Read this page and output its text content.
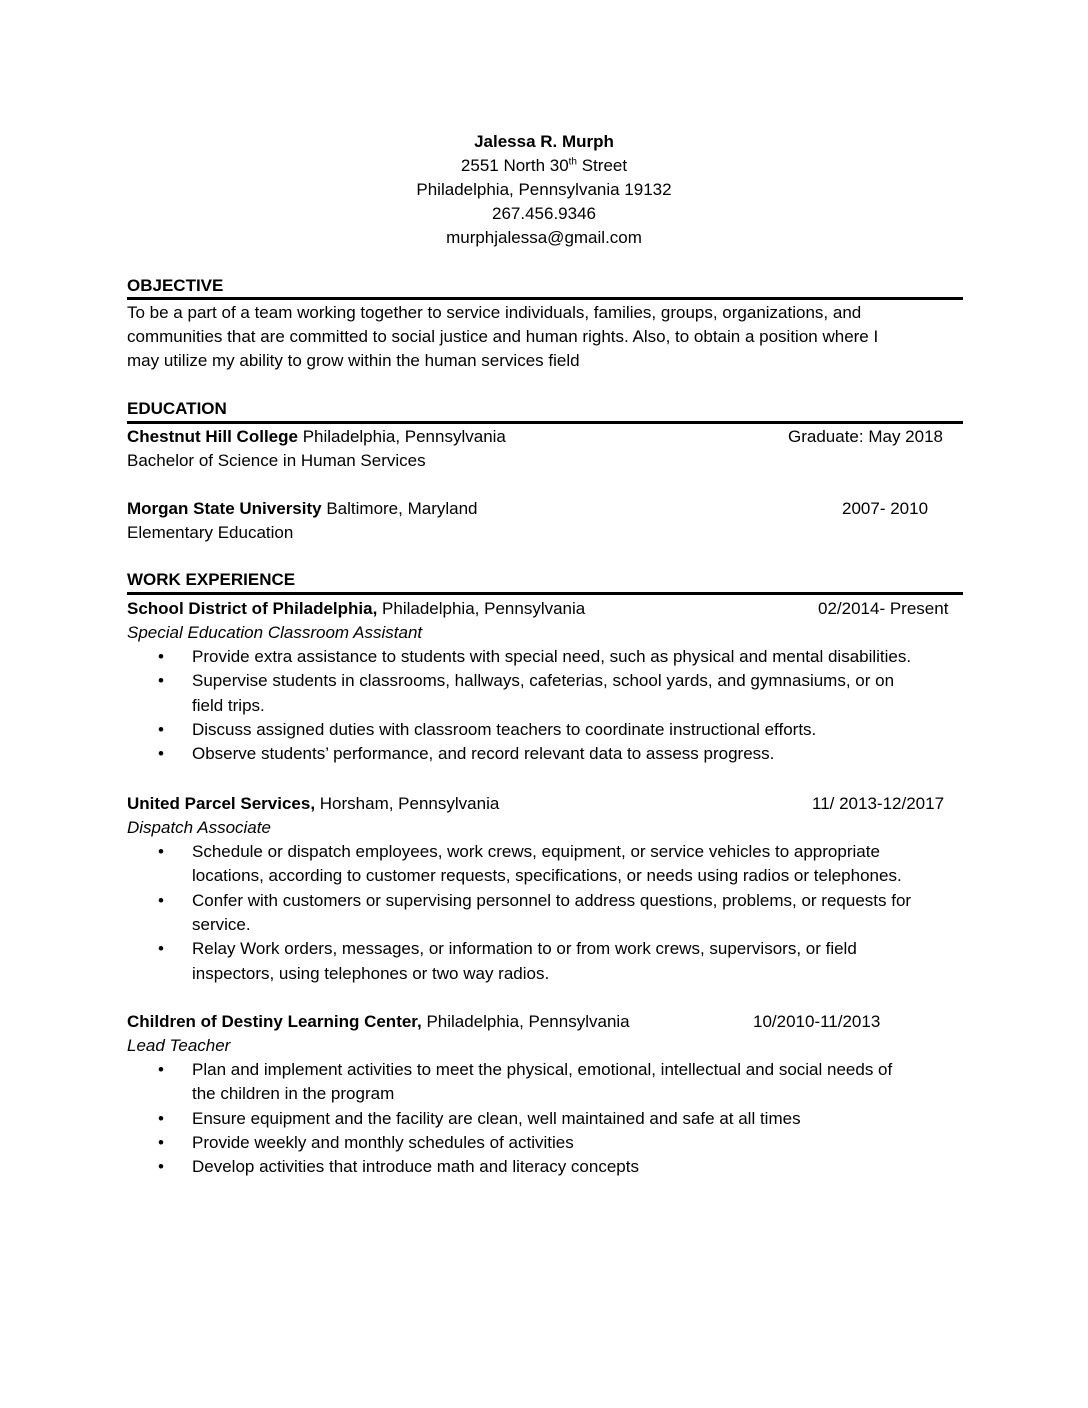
Jalessa R. Murph
2551 North 30th Street
Philadelphia, Pennsylvania 19132
267.456.9346
murphjalessa@gmail.com
OBJECTIVE
To be a part of a team working together to service individuals, families, groups, organizations, and
communities that are committed to social justice and human rights. Also, to obtain a position where I
may utilize my ability to grow within the human services field
EDUCATION
Chestnut Hill College Philadelphia, Pennsylvania	Graduate: May 2018
Bachelor of Science in Human Services
Morgan State University Baltimore, Maryland	2007- 2010
Elementary Education
WORK EXPERIENCE
School District of Philadelphia, Philadelphia, Pennsylvania	02/2014- Present
Special Education Classroom Assistant
• Provide extra assistance to students with special need, such as physical and mental disabilities.
• Supervise students in classrooms, hallways, cafeterias, school yards, and gymnasiums, or on
field trips.
• Discuss assigned duties with classroom teachers to coordinate instructional efforts.
• Observe students’ performance, and record relevant data to assess progress.
United Parcel Services, Horsham, Pennsylvania	11/ 2013-12/2017
Dispatch Associate
• Schedule or dispatch employees, work crews, equipment, or service vehicles to appropriate
locations, according to customer requests, specifications, or needs using radios or telephones.
• Confer with customers or supervising personnel to address questions, problems, or requests for
service.
• Relay Work orders, messages, or information to or from work crews, supervisors, or field
inspectors, using telephones or two way radios.
Children of Destiny Learning Center, Philadelphia, Pennsylvania	10/2010-11/2013
Lead Teacher
• Plan and implement activities to meet the physical, emotional, intellectual and social needs of
the children in the program
• Ensure equipment and the facility are clean, well maintained and safe at all times
• Provide weekly and monthly schedules of activities
• Develop activities that introduce math and literacy concepts
